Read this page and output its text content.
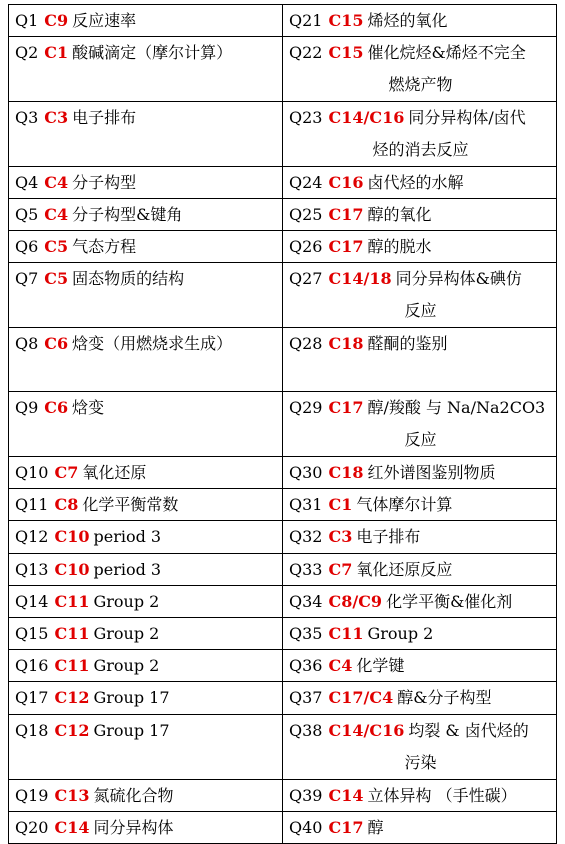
Q1 C9 反应速率	Q21 C15 烯烃的氧化
Q2 C1 酸碱滴定（摩尔计算）	Q22 C15 催化烷烃&烯烃不完全
燃烧产物

Q3 C3 电子排布	Q23 C14/C16 同分异构体/卤代
烃的消去反应

Q4 C4 分子构型	Q24 C16 卤代烃的水解
Q5 C4 分子构型&键角	Q25 C17 醇的氧化
Q6 C5 气态方程	Q26 C17 醇的脱水
Q7 C5 固态物质的结构	Q27 C14/18 同分异构体&碘仿
反应

Q8 C6 焓变（用燃烧求生成）	Q28 C18 醛酮的鉴别
Q9 C6 焓变	Q29 C17 醇/羧酸 与 Na/Na2CO3
反应

Q10 C7 氧化还原	Q30 C18 红外谱图鉴别物质
Q11 C8 化学平衡常数	Q31 C1 气体摩尔计算
Q12 C10 period 3	Q32 C3 电子排布
Q13 C10 period 3	Q33 C7 氧化还原反应
Q14 C11 Group 2	Q34 C8/C9 化学平衡&催化剂
Q15 C11 Group 2	Q35 C11 Group 2
Q16 C11 Group 2	Q36 C4 化学键
Q17 C12 Group 17	Q37 C17/C4 醇&分子构型
Q18 C12 Group 17	Q38 C14/C16 均裂 & 卤代烃的
污染

Q19 C13 氮硫化合物	Q39 C14 立体异构 （手性碳）
Q20 C14 同分异构体	Q40 C17 醇
